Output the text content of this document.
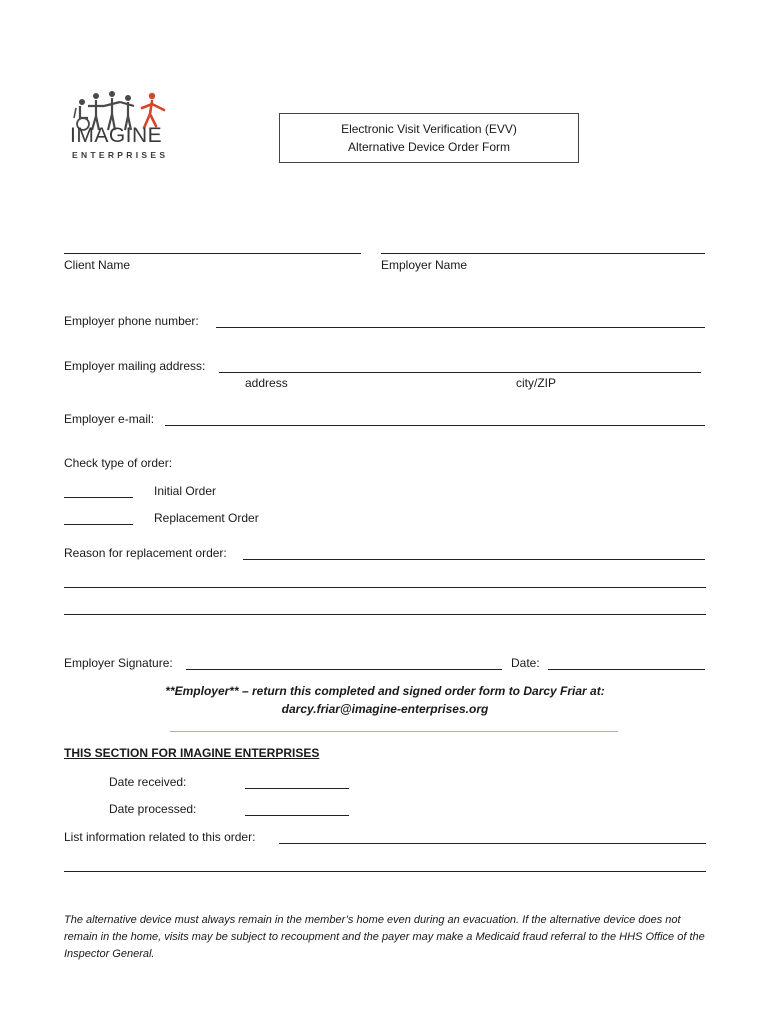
IMAGINE
ENTERPRISES
Electronic Visit Verification (EVV)
Alternative Device Order Form
Client Name	Employer Name
Employer phone number:
Employer mailing address:
address	city/ZIP
Employer e-mail:
Check type of order:
Initial Order
Replacement Order
Reason for replacement order:
Employer Signature:	Date:
**Employer** – return this completed and signed order form to Darcy Friar at:
darcy.friar@imagine-enterprises.org
THIS SECTION FOR IMAGINE ENTERPRISES
Date received:
Date processed:
List information related to this order:
The alternative device must always remain in the member’s home even during an evacuation. If the alternative device does not remain in the home, visits may be subject to recoupment and the payer may make a Medicaid fraud referral to the HHS Office of the Inspector General.
